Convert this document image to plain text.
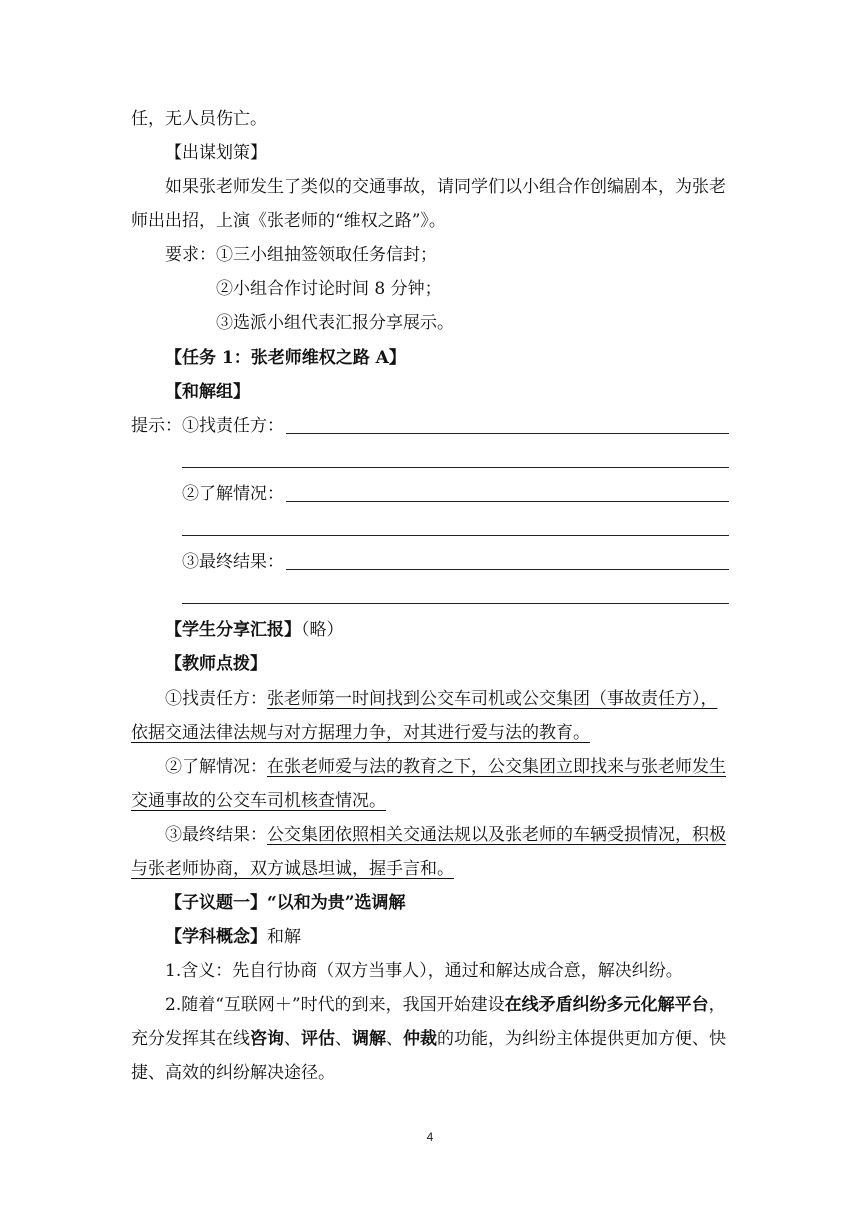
任，无人员伤亡。
【出谋划策】
如果张老师发生了类似的交通事故，请同学们以小组合作创编剧本，为张老
师出出招，上演《张老师的“维权之路”》。
要求：①三小组抽签领取任务信封；
②小组合作讨论时间 8 分钟；
③选派小组代表汇报分享展示。
【任务 1：张老师维权之路 A】
【和解组】
提示：①找责任方：
②了解情况：
③最终结果：
【学生分享汇报】（略）
【教师点拨】
①找责任方：张老师第一时间找到公交车司机或公交集团（事故责任方），
依据交通法律法规与对方据理力争，对其进行爱与法的教育。
②了解情况：在张老师爱与法的教育之下，公交集团立即找来与张老师发生
交通事故的公交车司机核查情况。
③最终结果：公交集团依照相关交通法规以及张老师的车辆受损情况，积极
与张老师协商，双方诚恳坦诚，握手言和。
【子议题一】“以和为贵”选调解
【学科概念】和解
1.含义：先自行协商（双方当事人），通过和解达成合意，解决纠纷。
2.随着“互联网＋”时代的到来，我国开始建设在线矛盾纠纷多元化解平台，
充分发挥其在线咨询、评估、调解、仲裁的功能，为纠纷主体提供更加方便、快
捷、高效的纠纷解决途径。
4
